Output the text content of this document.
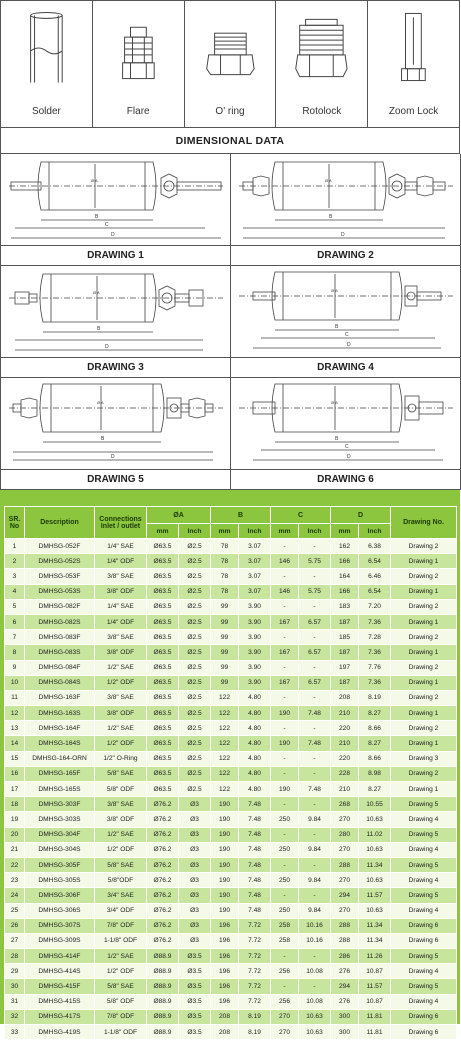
Solder	Flare	O' ring	Rotolock	Zoom Lock
DIMENSIONAL DATA
Ø A
B
C
D
DRAWING 1
Ø A
B
D
DRAWING 2
Ø A
B
D
DRAWING 3
Ø A
B
C
D
DRAWING 4
Ø A
B
D
DRAWING 5
Ø A
B
C
D
DRAWING 6
SR. No	Description	Connections Inlet / outlet	ØA		B		C		D		Drawing No.
			mm	Inch	mm	Inch	mm	Inch	mm	Inch	
1	DMHSG-052F	1/4" SAE	Ø63.5	Ø2.5	78	3.07	-	-	162	6.38	Drawing 2
2	DMHSG-052S	1/4" ODF	Ø63.5	Ø2.5	78	3.07	146	5.75	166	6.54	Drawing 1
3	DMHSG-053F	3/8" SAE	Ø63.5	Ø2.5	78	3.07	-	-	164	6.46	Drawing 2
4	DMHSG-053S	3/8" ODF	Ø63.5	Ø2.5	78	3.07	146	5.75	166	6.54	Drawing 1
5	DMHSG-082F	1/4" SAE	Ø63.5	Ø2.5	99	3.90	-	-	183	7.20	Drawing 2
6	DMHSG-082S	1/4" ODF	Ø63.5	Ø2.5	99	3.90	167	6.57	187	7.36	Drawing 1
7	DMHSG-083F	3/8" SAE	Ø63.5	Ø2.5	99	3.90	-	-	185	7.28	Drawing 2
8	DMHSG-083S	3/8" ODF	Ø63.5	Ø2.5	99	3.90	167	6.57	187	7.36	Drawing 1
9	DMHSG-084F	1/2" SAE	Ø63.5	Ø2.5	99	3.90	-	-	197	7.76	Drawing 2
10	DMHSG-084S	1/2" ODF	Ø63.5	Ø2.5	99	3.90	167	6.57	187	7.36	Drawing 1
11	DMHSG-163F	3/8" SAE	Ø63.5	Ø2.5	122	4.80	-	-	208	8.19	Drawing 2
12	DMHSG-163S	3/8" ODF	Ø63.5	Ø2.5	122	4.80	190	7.48	210	8.27	Drawing 1
13	DMHSG-164F	1/2" SAE	Ø63.5	Ø2.5	122	4.80	-	-	220	8.66	Drawing 2
14	DMHSG-164S	1/2" ODF	Ø63.5	Ø2.5	122	4.80	190	7.48	210	8.27	Drawing 1
15	DMHSG-164-ORN	1/2" O-Ring	Ø63.5	Ø2.5	122	4.80	-	-	220	8.66	Drawing 3
16	DMHSG-165F	5/8" SAE	Ø63.5	Ø2.5	122	4.80	-	-	228	8.98	Drawing 2
17	DMHSG-165S	5/8" ODF	Ø63.5	Ø2.5	122	4.80	190	7.48	210	8.27	Drawing 1
18	DMHSG-303F	3/8" SAE	Ø76.2	Ø3	190	7.48	-	-	268	10.55	Drawing 5
19	DMHSG-303S	3/8" ODF	Ø76.2	Ø3	190	7.48	250	9.84	270	10.63	Drawing 4
20	DMHSG-304F	1/2" SAE	Ø76.2	Ø3	190	7.48	-	-	280	11.02	Drawing 5
21	DMHSG-304S	1/2" ODF	Ø76.2	Ø3	190	7.48	250	9.84	270	10.63	Drawing 4
22	DMHSG-305F	5/8" SAE	Ø76.2	Ø3	190	7.48	-	-	288	11.34	Drawing 5
23	DMHSG-305S	5/8"ODF	Ø76.2	Ø3	190	7.48	250	9.84	270	10.63	Drawing 4
24	DMHSG-306F	3/4" SAE	Ø76.2	Ø3	190	7.48	-	-	294	11.57	Drawing 5
25	DMHSG-306S	3/4" ODF	Ø76.2	Ø3	190	7.48	250	9.84	270	10.63	Drawing 4
26	DMHSG-307S	7/8" ODF	Ø76.2	Ø3	196	7.72	258	10.16	288	11.34	Drawing 6
27	DMHSG-309S	1-1/8" ODF	Ø76.2	Ø3	196	7.72	258	10.16	288	11.34	Drawing 6
28	DMHSG-414F	1/2" SAE	Ø88.9	Ø3.5	196	7.72	-	-	286	11.26	Drawing 5
29	DMHSG-414S	1/2" ODF	Ø88.9	Ø3.5	196	7.72	256	10.08	276	10.87	Drawing 4
30	DMHSG-415F	5/8" SAE	Ø88.9	Ø3.5	196	7.72	-	-	294	11.57	Drawing 5
31	DMHSG-415S	5/8" ODF	Ø88.9	Ø3.5	196	7.72	256	10.08	276	10.87	Drawing 4
32	DMHSG-417S	7/8" ODF	Ø88.9	Ø3.5	208	8.19	270	10.63	300	11.81	Drawing 6
33	DMHSG-419S	1-1/8" ODF	Ø88.9	Ø3.5	208	8.19	270	10.63	300	11.81	Drawing 6
